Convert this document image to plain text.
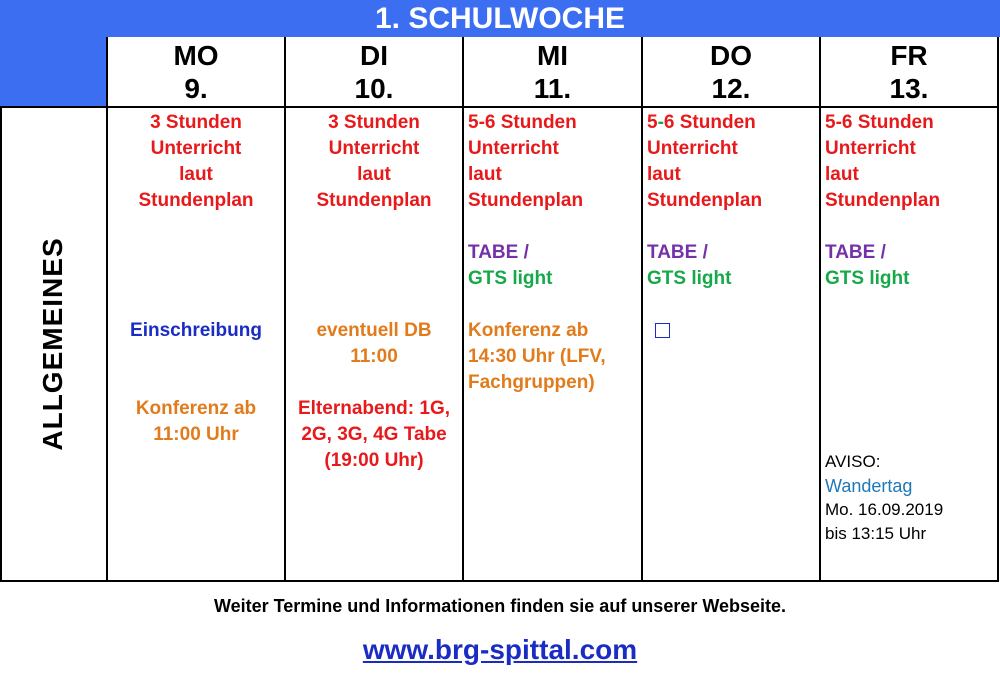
1. SCHULWOCHE
MO
9.
DI
10.
MI
11.
DO
12.
FR
13.
ALLGEMEINES
3 Stunden
Unterricht
laut
Stundenplan
Einschreibung
Konferenz ab
11:00 Uhr
3 Stunden
Unterricht
laut
Stundenplan
eventuell DB
11:00
Elternabend: 1G,
2G, 3G, 4G Tabe
(19:00 Uhr)
5-6 Stunden
Unterricht
laut
Stundenplan
TABE /
GTS light
Konferenz ab
14:30 Uhr (LFV,
Fachgruppen)
5-6 Stunden
Unterricht
laut
Stundenplan
TABE /
GTS light
5-6 Stunden
Unterricht
laut
Stundenplan
TABE /
GTS light
AVISO:
Wandertag
Mo. 16.09.2019
bis 13:15 Uhr
Weiter Termine und Informationen finden sie auf unserer Webseite.
www.brg-spittal.com
